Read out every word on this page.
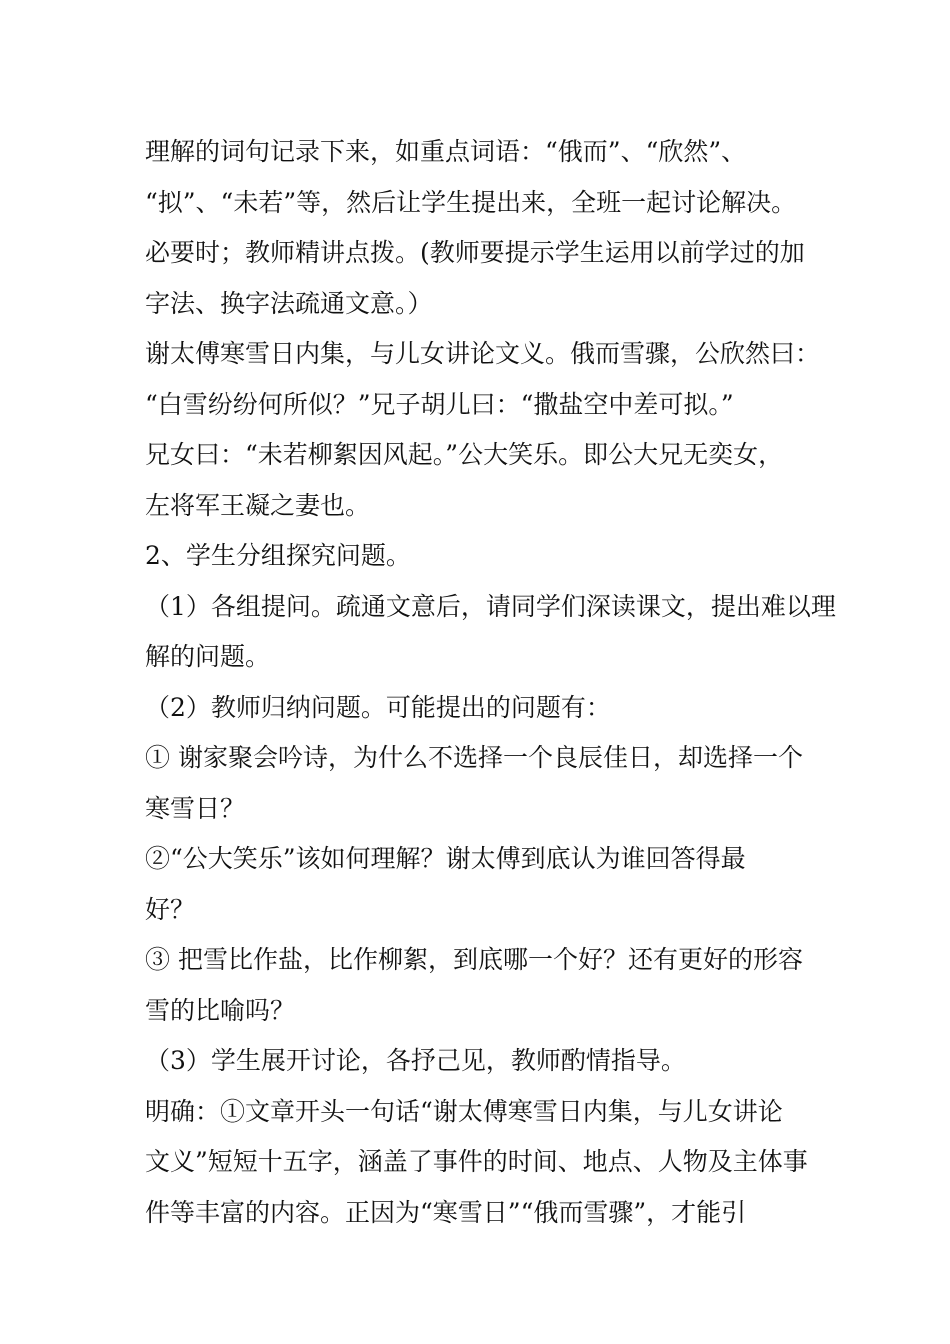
理解的词句记录下来，如重点词语：“俄而”、“欣然”、
“拟”、“未若”等，然后让学生提出来，全班一起讨论解决。
必要时；教师精讲点拨。(教师要提示学生运用以前学过的加
字法、换字法疏通文意。）
谢太傅寒雪日内集，与儿女讲论文义。俄而雪骤，公欣然曰：
“白雪纷纷何所似？”兄子胡儿曰：“撒盐空中差可拟。”
兄女曰：“未若柳絮因风起。”公大笑乐。即公大兄无奕女，
左将军王凝之妻也。
2、学生分组探究问题。
（1）各组提问。疏通文意后，请同学们深读课文，提出难以理
解的问题。
（2）教师归纳问题。可能提出的问题有：
① 谢家聚会吟诗，为什么不选择一个良辰佳日，却选择一个
寒雪日？
②“公大笑乐”该如何理解？谢太傅到底认为谁回答得最
好？
③ 把雪比作盐，比作柳絮，到底哪一个好？还有更好的形容
雪的比喻吗？
（3）学生展开讨论，各抒己见，教师酌情指导。
明确：①文章开头一句话“谢太傅寒雪日内集，与儿女讲论
文义”短短十五字，涵盖了事件的时间、地点、人物及主体事
件等丰富的内容。正因为“寒雪日”“俄而雪骤”，才能引
